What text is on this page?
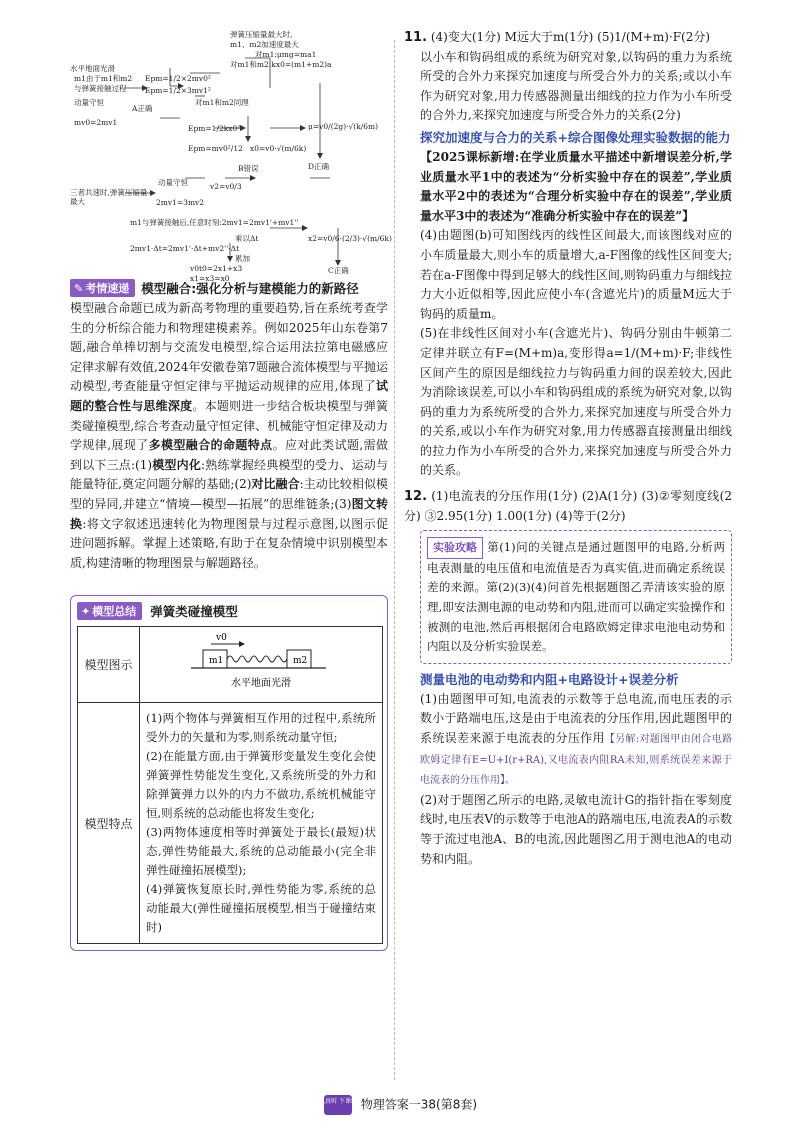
弹簧压缩量最大时,
m1、m2加速度最大
对m1:μmg=ma1
对m1和m2:kx0=(m1+m2)a
Epm=1/2×2mv0²
Epm=1/2×3mv1²
对m1和m2同理
水平地面光滑
m1由于m1和m2
与弹簧接触过程
动量守恒
mv0=2mv1
A正确
μ=v0/(2g)·√(k/6m)
D正确
Epm=1/2kx0²
Epm=mv0²/12 x0=v0·√(m/6k)
B错误
动量守恒
三者共速时,弹簧压缩量最大	2mv1=3mv2
v2=v0/3
m1与弹簧接触后,任意时刻:2mv1=2mv1'+mv1''
2mv1·Δt=2mv1'·Δt+mv2''·Δt
乘以Δt	x2=v0/6·(2/3)·√(m/6k)
C正确
累加
v0t0=2x1+x3
x1=x3=x0
✎ 考情速递 模型融合:强化分析与建模能力的新路径

模型融合命题已成为新高考物理的重要趋势,旨在系统考查学生的分析综合能力和物理建模素养。例如2025年山东卷第7题,融合单棒切割与交流发电模型,综合运用法拉第电磁感应定律求解有效值,2024年安徽卷第7题融合流体模型与平抛运动模型,考查能量守恒定律与平抛运动规律的应用,体现了试题的整合性与思维深度。本题则进一步结合板块模型与弹簧类碰撞模型,综合考查动量守恒定律、机械能守恒定律及动力学规律,展现了多模型融合的命题特点。应对此类试题,需做到以下三点:(1)模型内化:熟练掌握经典模型的受力、运动与能量特征,奠定问题分解的基础;(2)对比融合:主动比较相似模型的异同,并建立“情境—模型—拓展”的思维链条;(3)图文转换:将文字叙述迅速转化为物理图景与过程示意图,以图示促进问题拆解。掌握上述策略,有助于在复杂情境中识别模型本质,构建清晰的物理图景与解题路径。

✦ 模型总结	弹簧类碰撞模型
模型图示	v0
m1 m2
水平地面光滑

模型特点	(1)两个物体与弹簧相互作用的过程中,系统所受外力的矢量和为零,则系统动量守恒;
(2)在能量方面,由于弹簧形变量发生变化会使弹簧弹性势能发生变化,又系统所受的外力和除弹簧弹力以外的内力不做功,系统机械能守恒,则系统的总动能也将发生变化;
(3)两物体速度相等时弹簧处于最长(最短)状态,弹性势能最大,系统的总动能最小(完全非弹性碰撞拓展模型);
(4)弹簧恢复原长时,弹性势能为零,系统的总动能最大(弹性碰撞拓展模型,相当于碰撞结束时)

11. (4)变大(1分) M远大于m(1分) (5)1/(M+m)·F(2分)

以小车和钩码组成的系统为研究对象,以钩码的重力为系统所受的合外力来探究加速度与所受合外力的关系;或以小车作为研究对象,用力传感器测量出细线的拉力作为小车所受的合外力,来探究加速度与所受合外力的关系(2分)

探究加速度与合力的关系+综合图像处理实验数据的能力

【2025课标新增:在学业质量水平描述中新增误差分析,学业质量水平1中的表述为“分析实验中存在的误差”,学业质量水平2中的表述为“合理分析实验中存在的误差”,学业质量水平3中的表述为“准确分析实验中存在的误差”】

(4)由题图(b)可知图线丙的线性区间最大,而该图线对应的小车质量最大,则小车的质量增大,a-F图像的线性区间变大;若在a-F图像中得到足够大的线性区间,则钩码重力与细线拉力大小近似相等,因此应使小车(含遮光片)的质量M远大于钩码的质量m。

(5)在非线性区间对小车(含遮光片)、钩码分别由牛顿第二定律并联立有F=(M+m)a,变形得a=1/(M+m)·F;非线性区间产生的原因是细线拉力与钩码重力间的误差较大,因此为消除该误差,可以小车和钩码组成的系统为研究对象,以钩码的重力为系统所受的合外力,来探究加速度与所受合外力的关系,或以小车作为研究对象,用力传感器直接测量出细线的拉力作为小车所受的合外力,来探究加速度与所受合外力的关系。

12. (1)电流表的分压作用(1分) (2)A(1分) (3)②零刻度线(2分) ③2.95(1分) 1.00(1分) (4)等于(2分)

实验攻略 第(1)问的关键点是通过题图甲的电路,分析两电表测量的电压值和电流值是否为真实值,进而确定系统误差的来源。第(2)(3)(4)问首先根据题图乙弄清该实验的原理,即安法测电源的电动势和内阻,进而可以确定实验操作和被测的电池,然后再根据闭合电路欧姆定律求电池电动势和内阻以及分析实验误差。

测量电池的电动势和内阻+电路设计+误差分析

(1)由题图甲可知,电流表的示数等于总电流,而电压表的示数小于路端电压,这是由于电流表的分压作用,因此题图甲的系统误差来源于电流表的分压作用【另解:对题图甲由闭合电路欧姆定律有E=U+I(r+RA),又电流表内阻RA未知,则系统误差来源于电流表的分压作用】。

(2)对于题图乙所示的电路,灵敏电流计G的指针指在零刻度线时,电压表V的示数等于电池A的路端电压,电流表A的示数等于流过电池A、B的电流,因此题图乙用于测电池A的电动势和内阻。

上课认真听 下课练天星
物理答案一38(第8套)
